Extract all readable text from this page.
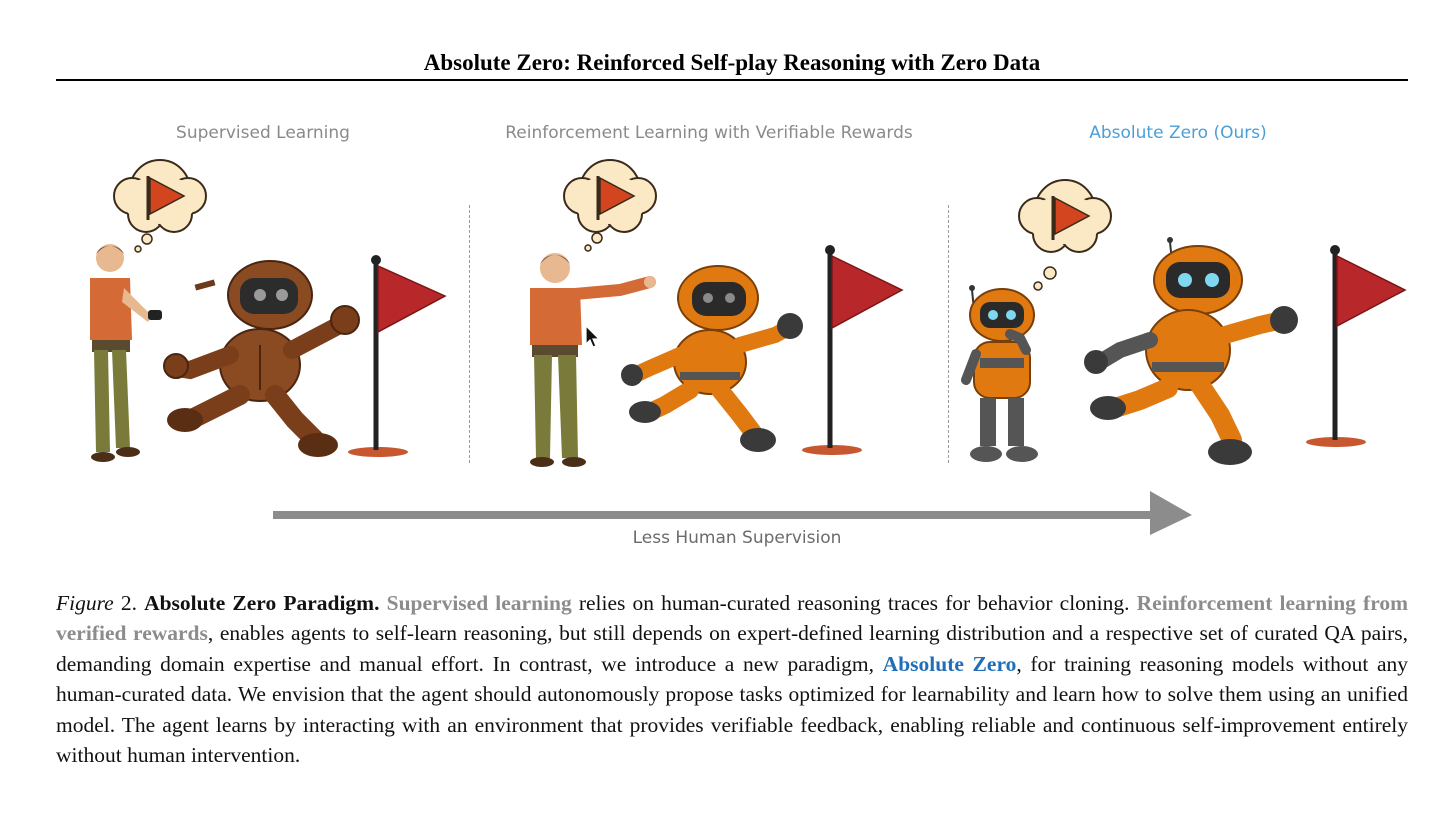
Absolute Zero: Reinforced Self-play Reasoning with Zero Data
Supervised Learning	Reinforcement Learning with Verifiable Rewards	Absolute Zero (Ours)
Less Human Supervision
Figure 2. Absolute Zero Paradigm. Supervised learning relies on human-curated reasoning traces for behavior cloning. Reinforcement learning from verified rewards, enables agents to self-learn reasoning, but still depends on expert-defined learning distribution and a respective set of curated QA pairs, demanding domain expertise and manual effort. In contrast, we introduce a new paradigm, Absolute Zero, for training reasoning models without any human-curated data. We envision that the agent should autonomously propose tasks optimized for learnability and learn how to solve them using an unified model. The agent learns by interacting with an environment that provides verifiable feedback, enabling reliable and continuous self-improvement entirely without human intervention.
